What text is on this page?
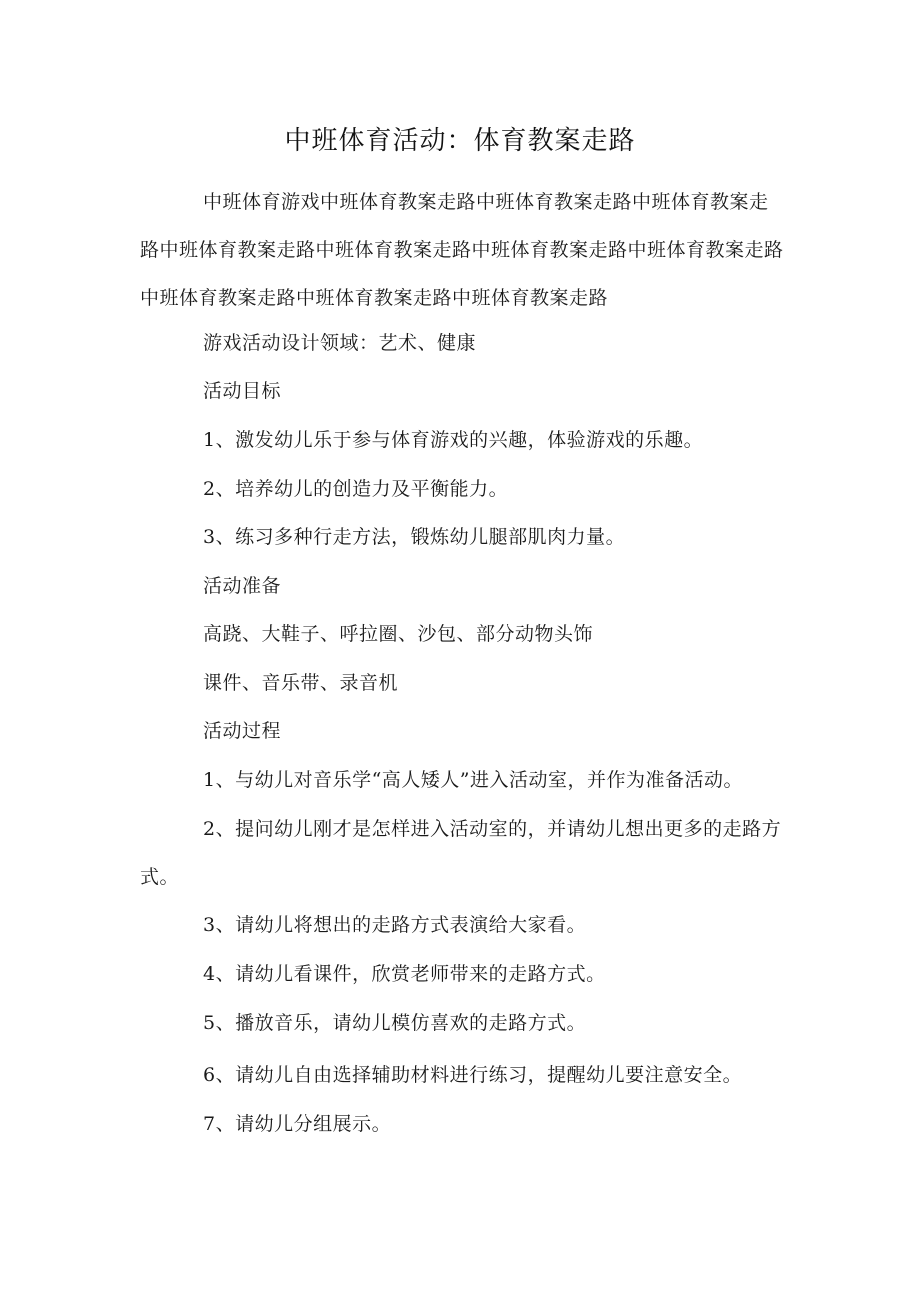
中班体育活动：体育教案走路
中班体育游戏中班体育教案走路中班体育教案走路中班体育教案走路中班体育教案走路中班体育教案走路中班体育教案走路中班体育教案走路中班体育教案走路中班体育教案走路中班体育教案走路
游戏活动设计领域：艺术、健康
活动目标
1、激发幼儿乐于参与体育游戏的兴趣，体验游戏的乐趣。
2、培养幼儿的创造力及平衡能力。
3、练习多种行走方法，锻炼幼儿腿部肌肉力量。
活动准备
高跷、大鞋子、呼拉圈、沙包、部分动物头饰
课件、音乐带、录音机
活动过程
1、与幼儿对音乐学“高人矮人”进入活动室，并作为准备活动。
2、提问幼儿刚才是怎样进入活动室的，并请幼儿想出更多的走路方式。
3、请幼儿将想出的走路方式表演给大家看。
4、请幼儿看课件，欣赏老师带来的走路方式。
5、播放音乐，请幼儿模仿喜欢的走路方式。
6、请幼儿自由选择辅助材料进行练习，提醒幼儿要注意安全。
7、请幼儿分组展示。
